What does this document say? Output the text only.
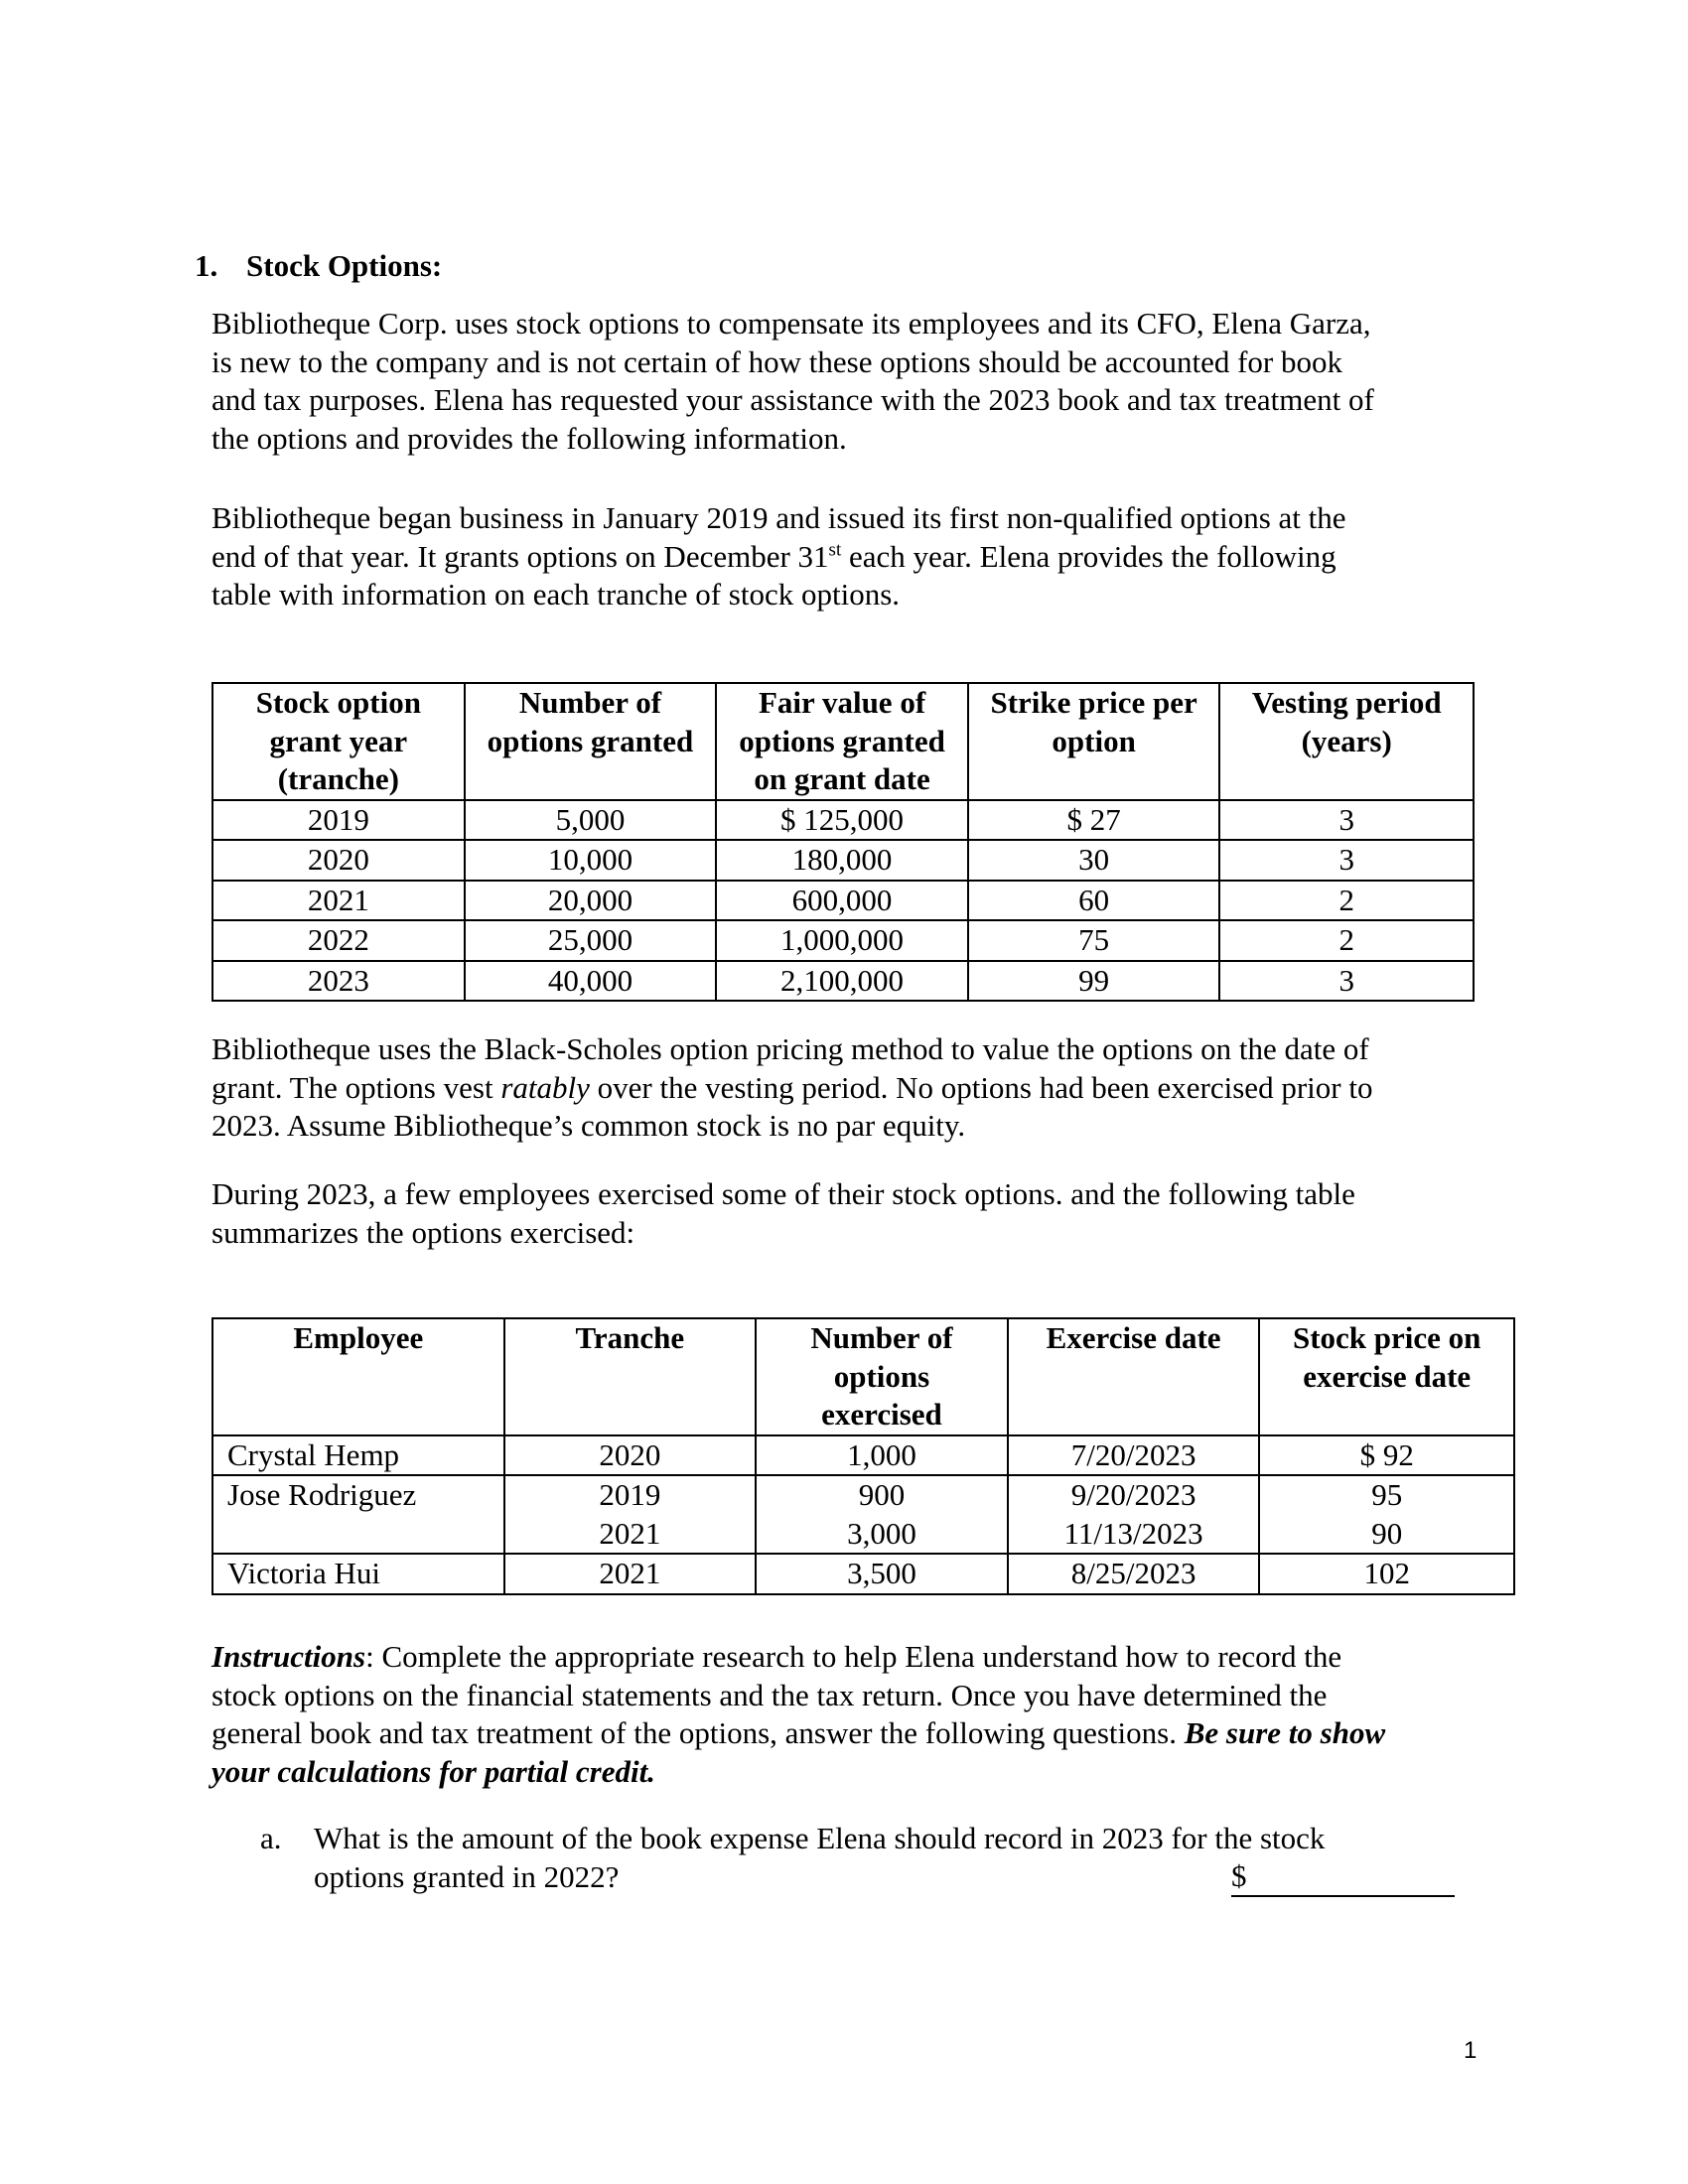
1. Stock Options:

Bibliotheque Corp. uses stock options to compensate its employees and its CFO, Elena Garza,
is new to the company and is not certain of how these options should be accounted for book
and tax purposes. Elena has requested your assistance with the 2023 book and tax treatment of
the options and provides the following information.

Bibliotheque began business in January 2019 and issued its first non-qualified options at the
end of that year. It grants options on December 31st each year. Elena provides the following
table with information on each tranche of stock options.

Stock option
grant year
(tranche)	Number of
options granted	Fair value of
options granted
on grant date	Strike price per
option	Vesting period
(years)
2019	5,000	$ 125,000	$ 27	3
2020	10,000	180,000	30	3
2021	20,000	600,000	60	2
2022	25,000	1,000,000	75	2
2023	40,000	2,100,000	99	3

Bibliotheque uses the Black-Scholes option pricing method to value the options on the date of
grant. The options vest ratably over the vesting period. No options had been exercised prior to
2023. Assume Bibliotheque’s common stock is no par equity.

During 2023, a few employees exercised some of their stock options. and the following table
summarizes the options exercised:

Employee	Tranche	Number of
options
exercised	Exercise date	Stock price on
exercise date
Crystal Hemp	2020	1,000	7/20/2023	$ 92
Jose Rodriguez	2019	900	9/20/2023	95
	2021	3,000	11/13/2023	90
Victoria Hui	2021	3,500	8/25/2023	102

Instructions: Complete the appropriate research to help Elena understand how to record the
stock options on the financial statements and the tax return. Once you have determined the
general book and tax treatment of the options, answer the following questions. Be sure to show
your calculations for partial credit.

a. What is the amount of the book expense Elena should record in 2023 for the stock
options granted in 2022?	$
1
